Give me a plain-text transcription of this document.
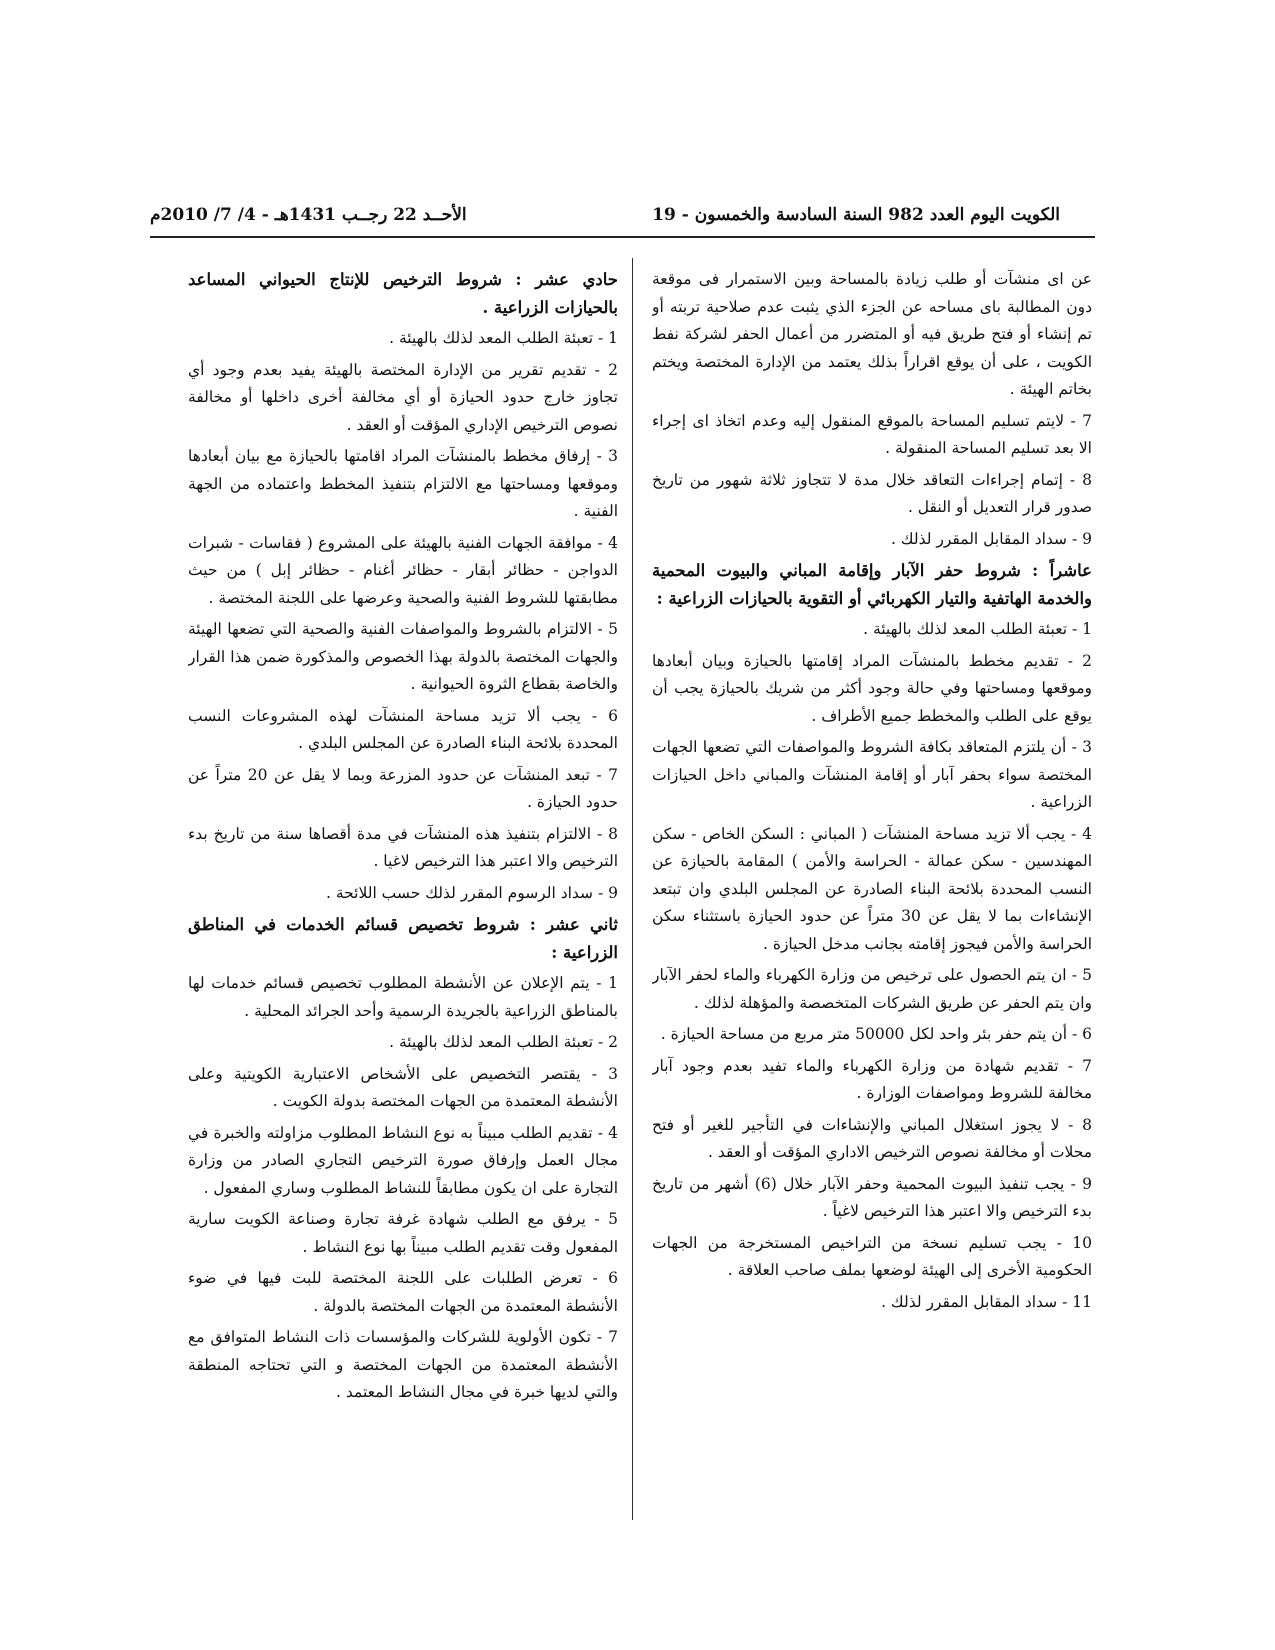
الكويت اليوم العدد 982 السنة السادسة والخمسون - 19
الأحــد 22 رجــب 1431هـ - 4/ 7/ 2010م

عن اى منشآت أو طلب زيادة بالمساحة وبين الاستمرار فى موقعة دون المطالبة باى مساحه عن الجزء الذي يثبت عدم صلاحية تربته أو تم إنشاء أو فتح طريق فيه أو المتضرر من أعمال الحفر لشركة نفط الكويت ، على أن يوقع اقراراً بذلك يعتمد من الإدارة المختصة ويختم بخاتم الهيئة .

7 - لايتم تسليم المساحة بالموقع المنقول إليه وعدم اتخاذ اى إجراء الا بعد تسليم المساحة المنقولة .

8 - إتمام إجراءات التعاقد خلال مدة لا تتجاوز ثلاثة شهور من تاريخ صدور قرار التعديل أو النقل .

9 - سداد المقابل المقرر لذلك .

عاشراً : شروط حفر الآبار وإقامة المباني والبيوت المحمية والخدمة الهاتفية والتيار الكهربائي أو التقوية بالحيازات الزراعية :

1 - تعبئة الطلب المعد لذلك بالهيئة .

2 - تقديم مخطط بالمنشآت المراد إقامتها بالحيازة وبيان أبعادها وموقعها ومساحتها وفي حالة وجود أكثر من شريك بالحيازة يجب أن يوقع على الطلب والمخطط جميع الأطراف .

3 - أن يلتزم المتعاقد بكافة الشروط والمواصفات التي تضعها الجهات المختصة سواء بحفر آبار أو إقامة المنشآت والمباني داخل الحيازات الزراعية .

4 - يجب ألا تزيد مساحة المنشآت ( المباني : السكن الخاص - سكن المهندسين - سكن عمالة - الحراسة والأمن ) المقامة بالحيازة عن النسب المحددة بلائحة البناء الصادرة عن المجلس البلدي وان تبتعد الإنشاءات بما لا يقل عن 30 متراً عن حدود الحيازة باستثناء سكن الحراسة والأمن فيجوز إقامته بجانب مدخل الحيازة .

5 - ان يتم الحصول على ترخيص من وزارة الكهرباء والماء لحفر الآبار وان يتم الحفر عن طريق الشركات المتخصصة والمؤهلة لذلك .

6 - أن يتم حفر بئر واحد لكل 50000 متر مربع من مساحة الحيازة .

7 - تقديم شهادة من وزارة الكهرباء والماء تفيد بعدم وجود آبار مخالفة للشروط ومواصفات الوزارة .

8 - لا يجوز استغلال المباني والإنشاءات في التأجير للغير أو فتح محلات أو مخالفة نصوص الترخيص الاداري المؤقت أو العقد .

9 - يجب تنفيذ البيوت المحمية وحفر الآبار خلال (6) أشهر من تاريخ بدء الترخيص والا اعتبر هذا الترخيص لاغياً .

10 - يجب تسليم نسخة من التراخيص المستخرجة من الجهات الحكومية الأخرى إلى الهيئة لوضعها بملف صاحب العلاقة .

11 - سداد المقابل المقرر لذلك .

حادي عشر : شروط الترخيص للإنتاج الحيواني المساعد بالحيازات الزراعية .

1 - تعبئة الطلب المعد لذلك بالهيئة .

2 - تقديم تقرير من الإدارة المختصة بالهيئة يفيد بعدم وجود أي تجاوز خارج حدود الحيازة أو أي مخالفة أخرى داخلها أو مخالفة نصوص الترخيص الإداري المؤقت أو العقد .

3 - إرفاق مخطط بالمنشآت المراد اقامتها بالحيازة مع بيان أبعادها وموقعها ومساحتها مع الالتزام بتنفيذ المخطط واعتماده من الجهة الفنية .

4 - موافقة الجهات الفنية بالهيئة على المشروع ( فقاسات - شبرات الدواجن - حظائر أبقار - حظائر أغنام - حظائر إبل ) من حيث مطابقتها للشروط الفنية والصحية وعرضها على اللجنة المختصة .

5 - الالتزام بالشروط والمواصفات الفنية والصحية التي تضعها الهيئة والجهات المختصة بالدولة بهذا الخصوص والمذكورة ضمن هذا القرار والخاصة بقطاع الثروة الحيوانية .

6 - يجب ألا تزيد مساحة المنشآت لهذه المشروعات النسب المحددة بلائحة البناء الصادرة عن المجلس البلدي .

7 - تبعد المنشآت عن حدود المزرعة وبما لا يقل عن 20 متراً عن حدود الحيازة .

8 - الالتزام بتنفيذ هذه المنشآت في مدة أقصاها سنة من تاريخ بدء الترخيص والا اعتبر هذا الترخيص لاغيا .

9 - سداد الرسوم المقرر لذلك حسب اللائحة .

ثاني عشر : شروط تخصيص قسائم الخدمات في المناطق الزراعية :

1 - يتم الإعلان عن الأنشطة المطلوب تخصيص قسائم خدمات لها بالمناطق الزراعية بالجريدة الرسمية وأحد الجرائد المحلية .

2 - تعبئة الطلب المعد لذلك بالهيئة .

3 - يقتصر التخصيص على الأشخاص الاعتبارية الكويتية وعلى الأنشطة المعتمدة من الجهات المختصة بدولة الكويت .

4 - تقديم الطلب مبيناً به نوع النشاط المطلوب مزاولته والخبرة في مجال العمل وإرفاق صورة الترخيص التجاري الصادر من وزارة التجارة على ان يكون مطابقاً للنشاط المطلوب وساري المفعول .

5 - يرفق مع الطلب شهادة غرفة تجارة وصناعة الكويت سارية المفعول وقت تقديم الطلب مبيناً بها نوع النشاط .

6 - تعرض الطلبات على اللجنة المختصة للبت فيها في ضوء الأنشطة المعتمدة من الجهات المختصة بالدولة .

7 - تكون الأولوية للشركات والمؤسسات ذات النشاط المتوافق مع الأنشطة المعتمدة من الجهات المختصة و التي تحتاجه المنطقة والتي لديها خبرة في مجال النشاط المعتمد .
